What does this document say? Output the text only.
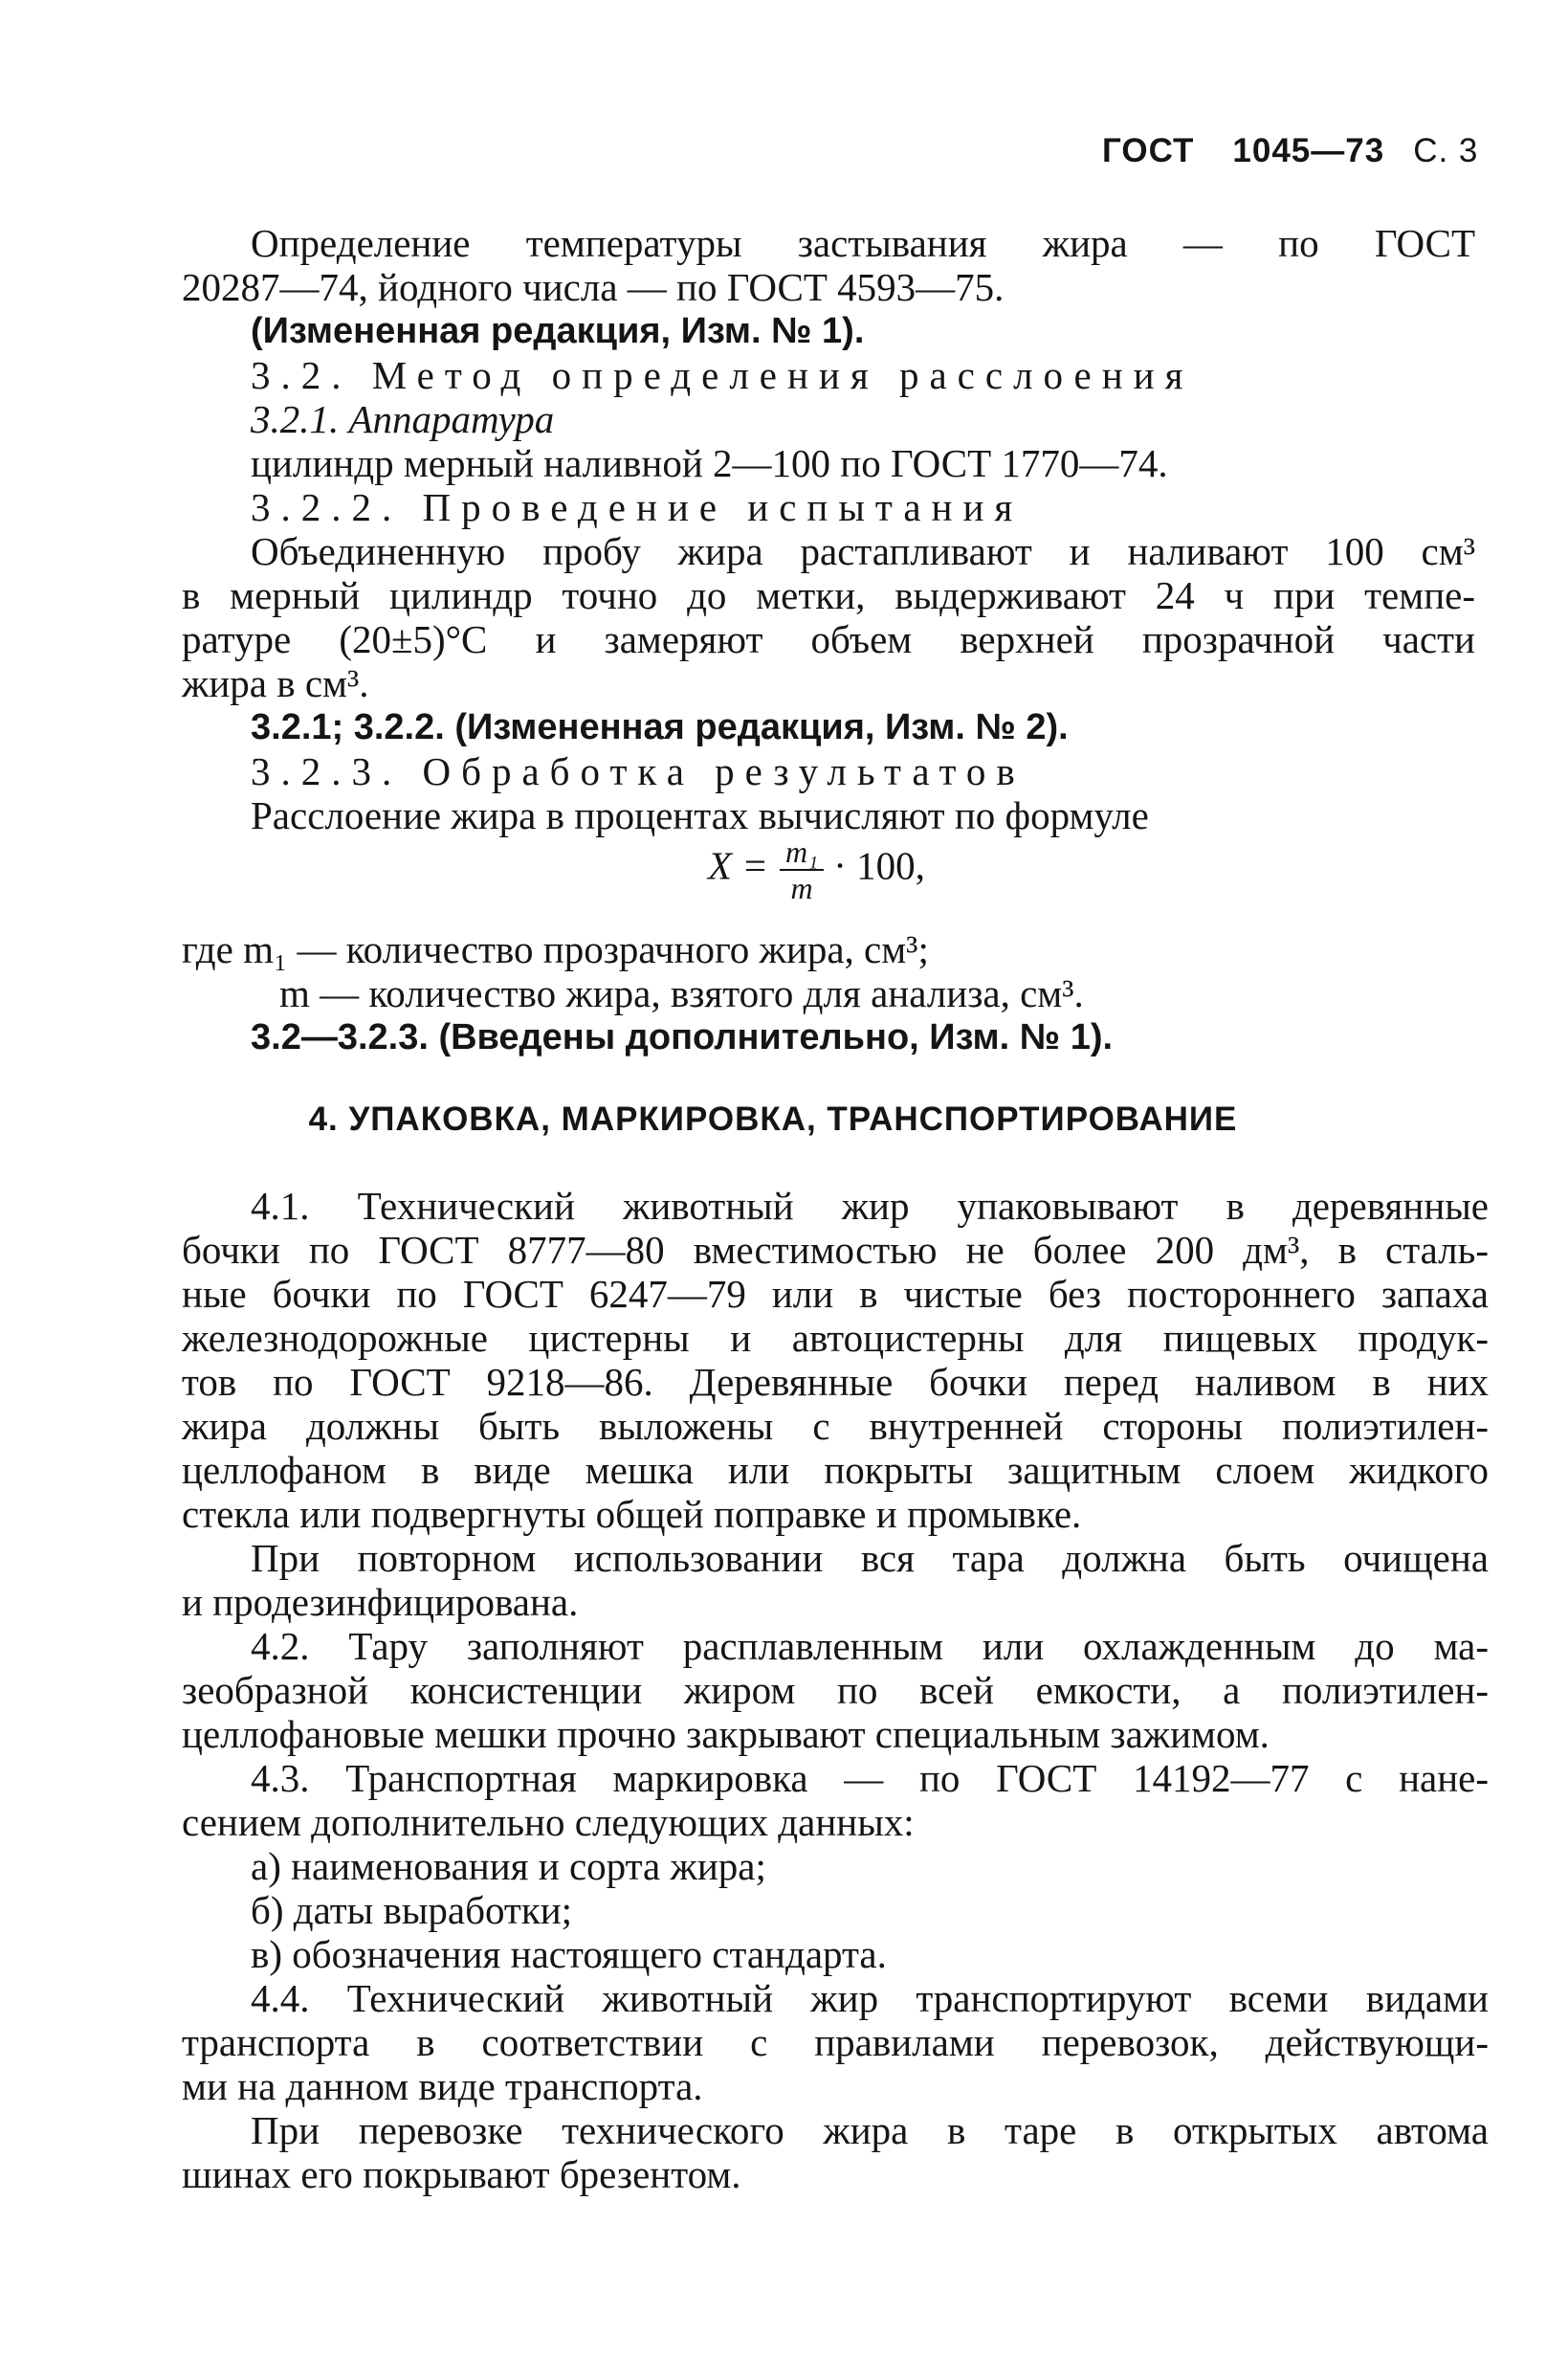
ГОСТ 1045—73 С. 3
Определение температуры застывания жира — по ГОСТ
20287—74, йодного числа — по ГОСТ 4593—75.
(Измененная редакция, Изм. № 1).
3.2. Метод определения расслоения
3.2.1. Аппаратура
цилиндр мерный наливной 2—100 по ГОСТ 1770—74.
3.2.2. Проведение испытания
Объединенную пробу жира растапливают и наливают 100 см³
в мерный цилиндр точно до метки, выдерживают 24 ч при темпе-
ратуре (20±5)°С и замеряют объем верхней прозрачной части
жира в см³.
3.2.1; 3.2.2. (Измененная редакция, Изм. № 2).
3.2.3. Обработка результатов
Расслоение жира в процентах вычисляют по формуле
$X = \frac{\text{m₁}}{m} \cdot 100$,
где m₁ — количество прозрачного жира, см³;
m — количество жира, взятого для анализа, см³.
3.2—3.2.3. (Введены дополнительно, Изм. № 1).
4. УПАКОВКА, МАРКИРОВКА, ТРАНСПОРТИРОВАНИЕ
4.1. Технический животный жир упаковывают в деревянные
бочки по ГОСТ 8777—80 вместимостью не более 200 дм³, в сталь-
ные бочки по ГОСТ 6247—79 или в чистые без постороннего запаха
железнодорожные цистерны и автоцистерны для пищевых продук-
тов по ГОСТ 9218—86. Деревянные бочки перед наливом в них
жира должны быть выложены с внутренней стороны полиэтилен-
целлофаном в виде мешка или покрыты защитным слоем жидкого
стекла или подвергнуты общей поправке и промывке.
При повторном использовании вся тара должна быть очищена
и продезинфицирована.
4.2. Тару заполняют расплавленным или охлажденным до ма-
зеобразной консистенции жиром по всей емкости, а полиэтилен-
целлофановые мешки прочно закрывают специальным зажимом.
4.3. Транспортная маркировка — по ГОСТ 14192—77 с нане-
сением дополнительно следующих данных:
а) наименования и сорта жира;
б) даты выработки;
в) обозначения настоящего стандарта.
4.4. Технический животный жир транспортируют всеми видами
транспорта в соответствии с правилами перевозок, действующи-
ми на данном виде транспорта.
При перевозке технического жира в таре в открытых автома
шинах его покрывают брезентом.
